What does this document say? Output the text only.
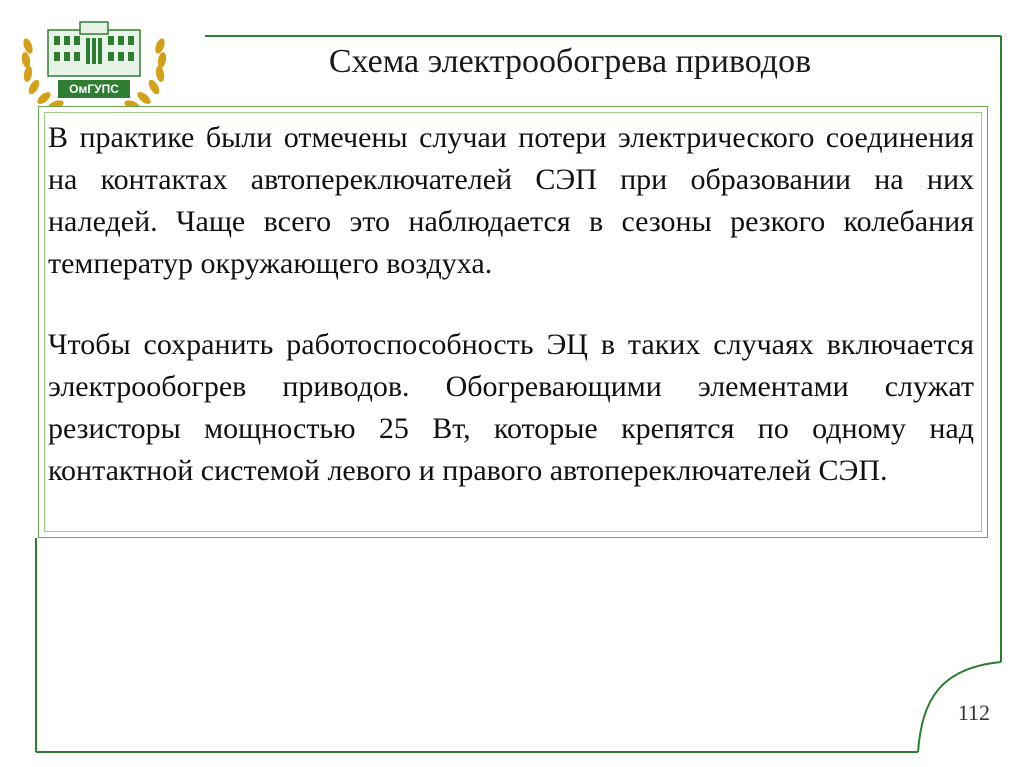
ОмГУПС
Схема электрообогрева приводов

В практике были отмечены случаи потери электрического соединения на контактах автопереключателей СЭП при образовании на них наледей. Чаще всего это наблюдается в сезоны резкого колебания температур окружающего воздуха.

Чтобы сохранить работоспособность ЭЦ в таких случаях включается электрообогрев приводов. Обогревающими элементами служат резисторы мощностью 25 Вт, которые крепятся по одному над контактной системой левого и правого автопереключателей СЭП.

112
